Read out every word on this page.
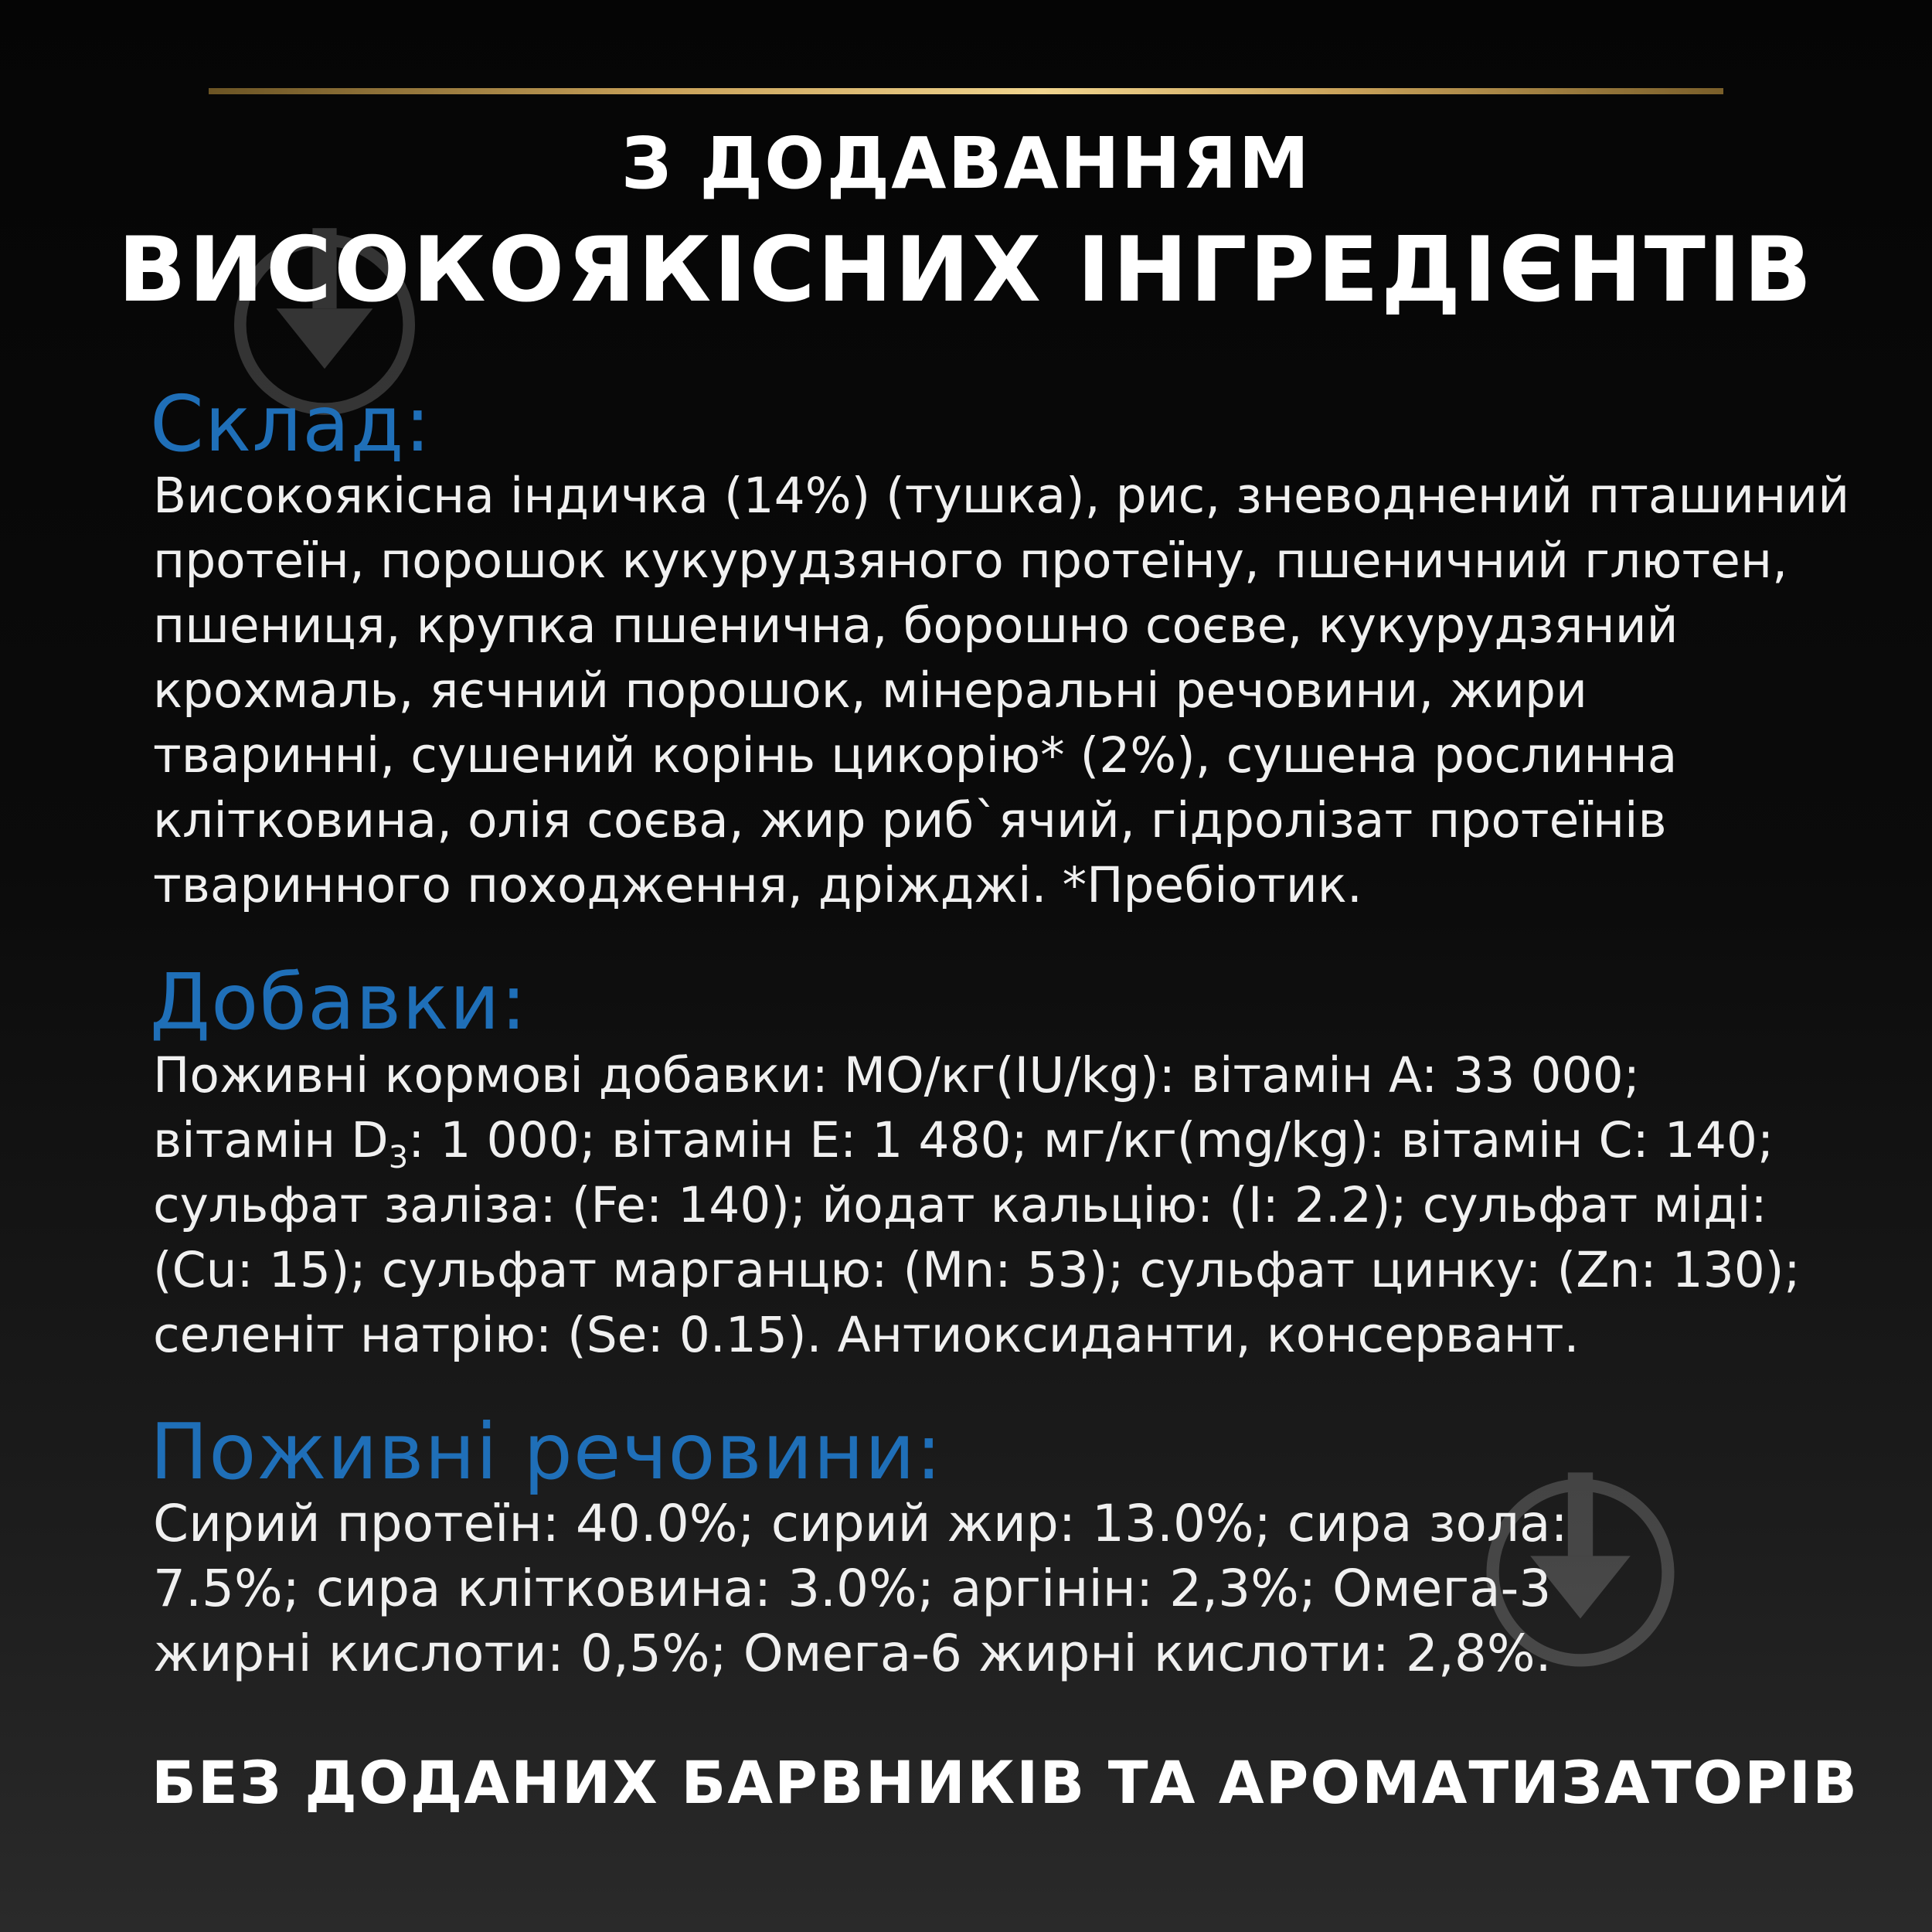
З ДОДАВАННЯМ
ВИСОКОЯКІСНИХ ІНГРЕДІЄНТІВ
Склад:
Високоякісна індичка (14%) (тушка), рис, зневоднений пташиний
протеїн, порошок кукурудзяного протеїну, пшеничний глютен,
пшениця, крупка пшенична, борошно соєве, кукурудзяний
крохмаль, яєчний порошок, мінеральні речовини, жири
тваринні, сушений корінь цикорію* (2%), сушена рослинна
клітковина, олія соєва, жир риб`ячий, гідролізат протеїнів
тваринного походження, дріжджі. *Пребіотик.
Добавки:
Поживні кормові добавки: МО/кг(IU/kg): вітамін A: 33 000;
вітамін $D_3$: 1 000; вітамін E: 1 480; мг/кг(mg/kg): вітамін C: 140;
сульфат заліза: (Fe: 140); йодат кальцію: (I: 2.2); сульфат міді:
(Cu: 15); сульфат марганцю: (Mn: 53); сульфат цинку: (Zn: 130);
селеніт натрію: (Se: 0.15). Антиоксиданти, консервант.
Поживні речовини:
Сирий протеїн: 40.0%; сирий жир: 13.0%; сира зола:
7.5%; сира клітковина: 3.0%; аргінін: 2,3%; Омега-3
жирні кислоти: 0,5%; Омега-6 жирні кислоти: 2,8%.
БЕЗ ДОДАНИХ БАРВНИКІВ ТА АРОМАТИЗАТОРІВ
